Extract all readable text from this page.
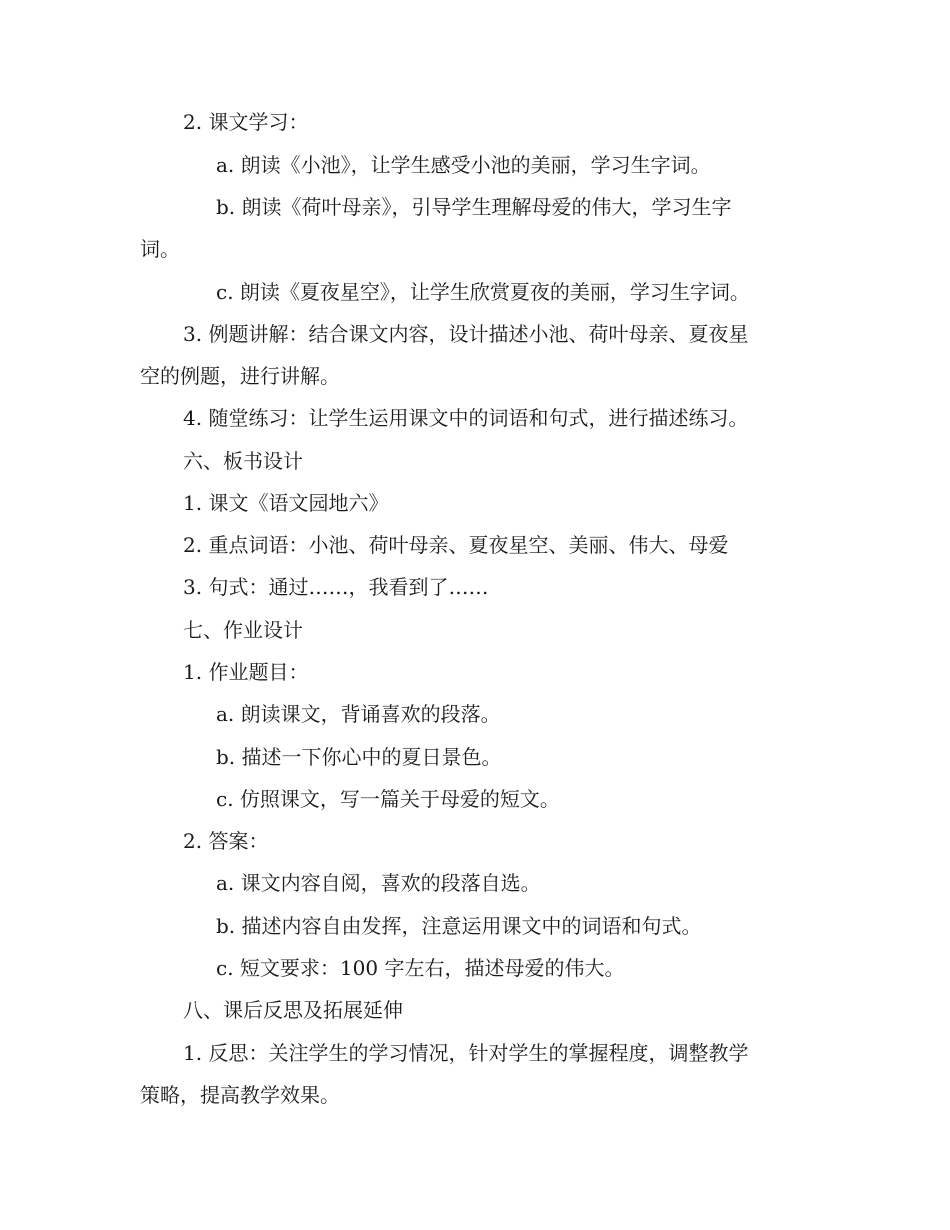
2. 课文学习：
a. 朗读《小池》，让学生感受小池的美丽，学习生字词。
b. 朗读《荷叶母亲》，引导学生理解母爱的伟大，学习生字
词。
c. 朗读《夏夜星空》，让学生欣赏夏夜的美丽，学习生字词。
3. 例题讲解：结合课文内容，设计描述小池、荷叶母亲、夏夜星
空的例题，进行讲解。
4. 随堂练习：让学生运用课文中的词语和句式，进行描述练习。
六、板书设计
1. 课文《语文园地六》
2. 重点词语：小池、荷叶母亲、夏夜星空、美丽、伟大、母爱
3. 句式：通过……，我看到了……
七、作业设计
1. 作业题目：
a. 朗读课文，背诵喜欢的段落。
b. 描述一下你心中的夏日景色。
c. 仿照课文，写一篇关于母爱的短文。
2. 答案：
a. 课文内容自阅，喜欢的段落自选。
b. 描述内容自由发挥，注意运用课文中的词语和句式。
c. 短文要求：100 字左右，描述母爱的伟大。
八、课后反思及拓展延伸
1. 反思：关注学生的学习情况，针对学生的掌握程度，调整教学
策略，提高教学效果。
